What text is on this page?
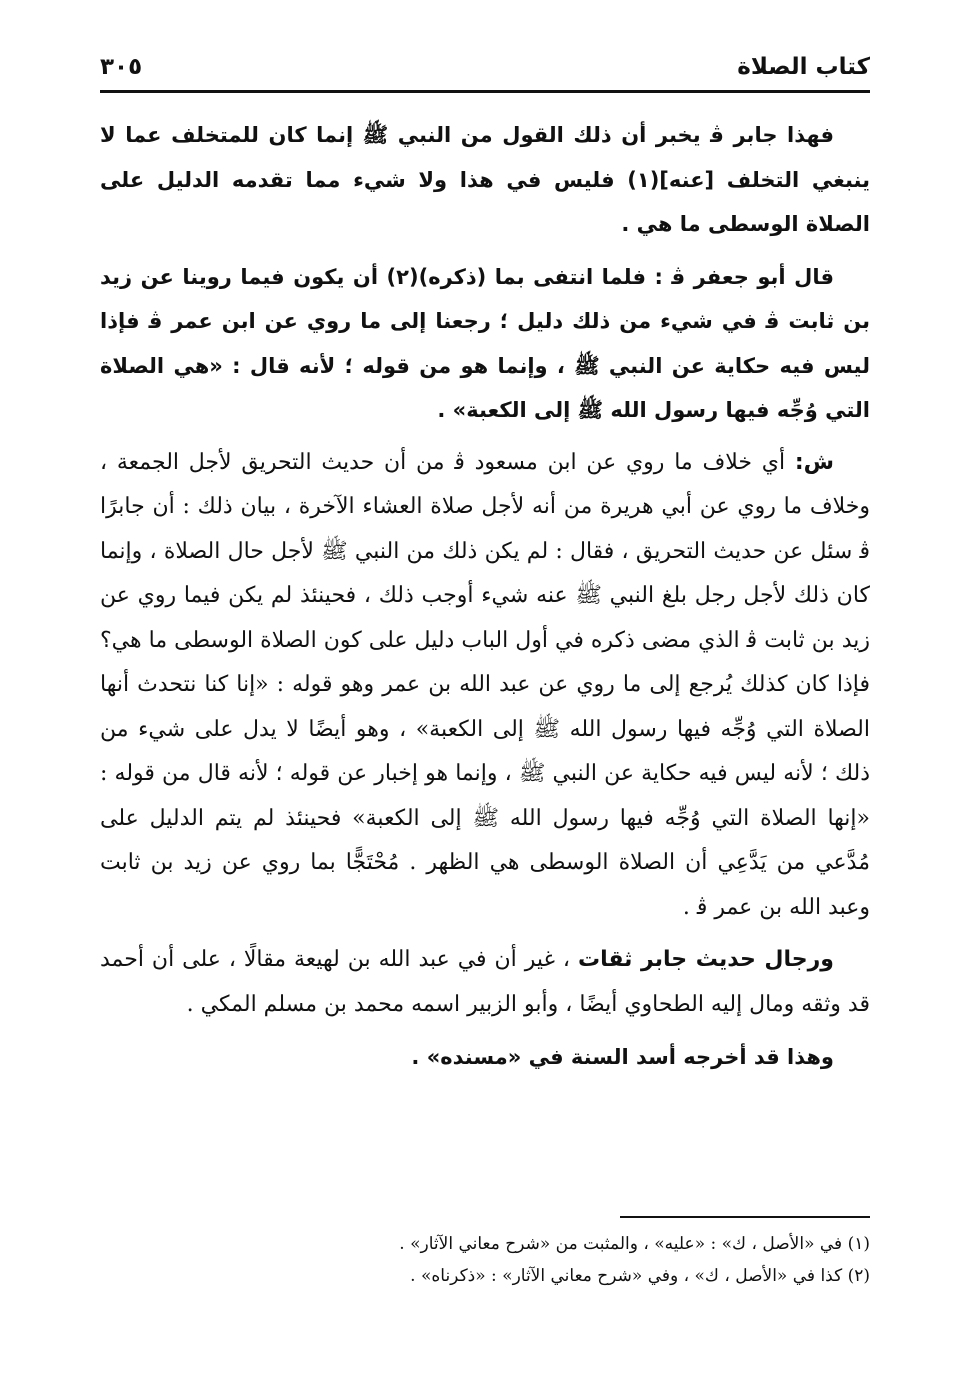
كتاب الصلاة
٣٠٥

فهذا جابر ﭬ يخبر أن ذلك القول من النبي ﷺ إنما كان للمتخلف عما لا ينبغي التخلف [عنه](١) فليس في هذا ولا شيء مما تقدمه الدليل على الصلاة الوسطى ما هي .

قال أبو جعفر ﭬ : فلما انتفى بما (ذكره)(٢) أن يكون فيما روينا عن زيد بن ثابت ﭬ في شيء من ذلك دليل ؛ رجعنا إلى ما روي عن ابن عمر ﭬ فإذا ليس فيه حكاية عن النبي ﷺ ، وإنما هو من قوله ؛ لأنه قال : «هي الصلاة التي وُجِّه فيها رسول الله ﷺ إلى الكعبة» .

ش: أي خلاف ما روي عن ابن مسعود ﭬ من أن حديث التحريق لأجل الجمعة ، وخلاف ما روي عن أبي هريرة من أنه لأجل صلاة العشاء الآخرة ، بيان ذلك : أن جابرًا ﭬ سئل عن حديث التحريق ، فقال : لم يكن ذلك من النبي ﷺ لأجل حال الصلاة ، وإنما كان ذلك لأجل رجل بلغ النبي ﷺ عنه شيء أوجب ذلك ، فحينئذ لم يكن فيما روي عن زيد بن ثابت ﭬ الذي مضى ذكره في أول الباب دليل على كون الصلاة الوسطى ما هي؟ فإذا كان كذلك يُرجع إلى ما روي عن عبد الله بن عمر وهو قوله : «إنا كنا نتحدث أنها الصلاة التي وُجِّه فيها رسول الله ﷺ إلى الكعبة» ، وهو أيضًا لا يدل على شيء من ذلك ؛ لأنه ليس فيه حكاية عن النبي ﷺ ، وإنما هو إخبار عن قوله ؛ لأنه قال من قوله : «إنها الصلاة التي وُجِّه فيها رسول الله ﷺ إلى الكعبة» فحينئذ لم يتم الدليل على مُدَّعي من يَدَّعِي أن الصلاة الوسطى هي الظهر . مُحْتَجًّا بما روي عن زيد بن ثابت وعبد الله بن عمر ﭬ .

ورجال حديث جابر ثقات ، غير أن في عبد الله بن لهيعة مقالًا ، على أن أحمد قد وثقه ومال إليه الطحاوي أيضًا ، وأبو الزبير اسمه محمد بن مسلم المكي .

وهذا قد أخرجه أسد السنة في «مسنده» .

(١) في «الأصل ، ك» : «عليه» ، والمثبت من «شرح معاني الآثار» .
(٢) كذا في «الأصل ، ك» ، وفي «شرح معاني الآثار» : «ذكرناه» .
